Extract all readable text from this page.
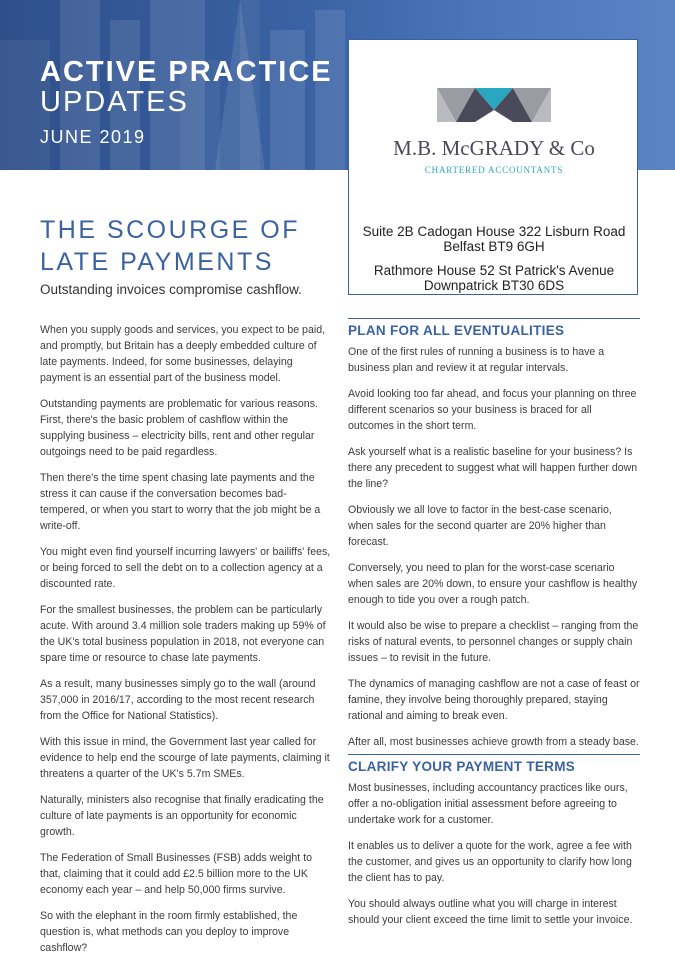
ACTIVE PRACTICE
UPDATES
JUNE 2019	M.B. McGRADY & Co
CHARTERED ACCOUNTANTS
Suite 2B Cadogan House 322 Lisburn Road
Belfast BT9 6GH
Rathmore House 52 St Patrick's Avenue
Downpatrick BT30 6DS
THE SCOURGE OF
LATE PAYMENTS
Outstanding invoices compromise cashflow.

When you supply goods and services, you expect to be paid, and promptly, but Britain has a deeply embedded culture of late payments. Indeed, for some businesses, delaying payment is an essential part of the business model.

Outstanding payments are problematic for various reasons. First, there's the basic problem of cashflow within the supplying business – electricity bills, rent and other regular outgoings need to be paid regardless.

Then there's the time spent chasing late payments and the stress it can cause if the conversation becomes bad-tempered, or when you start to worry that the job might be a write-off.

You might even find yourself incurring lawyers' or bailiffs' fees, or being forced to sell the debt on to a collection agency at a discounted rate.

For the smallest businesses, the problem can be particularly acute. With around 3.4 million sole traders making up 59% of the UK's total business population in 2018, not everyone can spare time or resource to chase late payments.

As a result, many businesses simply go to the wall (around 357,000 in 2016/17, according to the most recent research from the Office for National Statistics).

With this issue in mind, the Government last year called for evidence to help end the scourge of late payments, claiming it threatens a quarter of the UK's 5.7m SMEs.

Naturally, ministers also recognise that finally eradicating the culture of late payments is an opportunity for economic growth.

The Federation of Small Businesses (FSB) adds weight to that, claiming that it could add £2.5 billion more to the UK economy each year – and help 50,000 firms survive.

So with the elephant in the room firmly established, the question is, what methods can you deploy to improve cashflow?

PLAN FOR ALL EVENTUALITIES

One of the first rules of running a business is to have a business plan and review it at regular intervals.

Avoid looking too far ahead, and focus your planning on three different scenarios so your business is braced for all outcomes in the short term.

Ask yourself what is a realistic baseline for your business? Is there any precedent to suggest what will happen further down the line?

Obviously we all love to factor in the best-case scenario, when sales for the second quarter are 20% higher than forecast.

Conversely, you need to plan for the worst-case scenario when sales are 20% down, to ensure your cashflow is healthy enough to tide you over a rough patch.

It would also be wise to prepare a checklist – ranging from the risks of natural events, to personnel changes or supply chain issues – to revisit in the future.

The dynamics of managing cashflow are not a case of feast or famine, they involve being thoroughly prepared, staying rational and aiming to break even.

After all, most businesses achieve growth from a steady base.

CLARIFY YOUR PAYMENT TERMS

Most businesses, including accountancy practices like ours, offer a no-obligation initial assessment before agreeing to undertake work for a customer.

It enables us to deliver a quote for the work, agree a fee with the customer, and gives us an opportunity to clarify how long the client has to pay.

You should always outline what you will charge in interest should your client exceed the time limit to settle your invoice.
